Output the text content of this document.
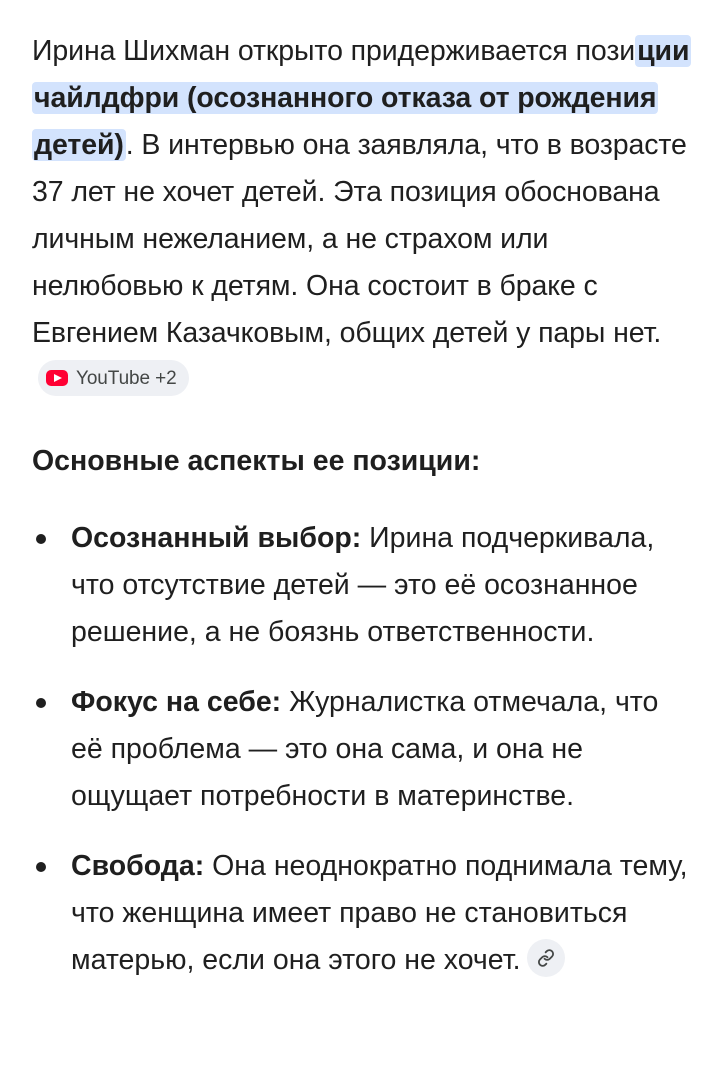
Ирина Шихман открыто придерживается позиции чайлдфри (осознанного отказа от рождения детей). В интервью она заявляла, что в возрасте 37 лет не хочет детей. Эта позиция обоснована личным нежеланием, а не страхом или нелюбовью к детям. Она состоит в браке с Евгением Казачковым, общих детей у пары нет.
YouTube +2

Основные аспекты ее позиции:
Осознанный выбор: Ирина подчеркивала, что отсутствие детей — это её осознанное решение, а не боязнь ответственности.
Фокус на себе: Журналистка отмечала, что её проблема — это она сама, и она не ощущает потребности в материнстве.
Свобода: Она неоднократно поднимала тему, что женщина имеет право не становиться матерью, если она этого не хочет.
